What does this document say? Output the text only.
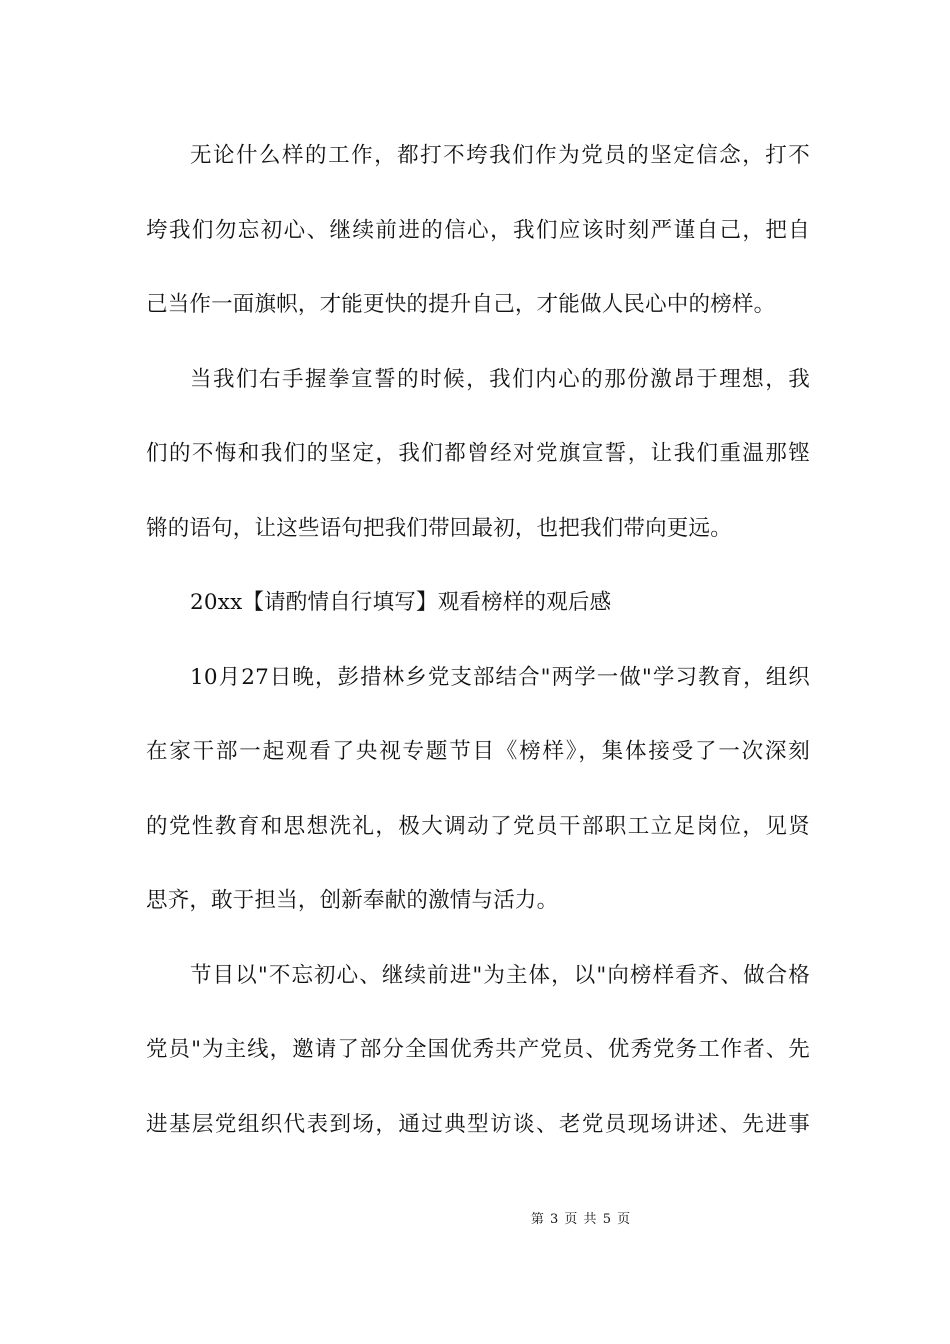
无论什么样的工作，都打不垮我们作为党员的坚定信念，打不
垮我们勿忘初心、继续前进的信心，我们应该时刻严谨自己，把自
己当作一面旗帜，才能更快的提升自己，才能做人民心中的榜样。
当我们右手握拳宣誓的时候，我们内心的那份激昂于理想，我
们的不悔和我们的坚定，我们都曾经对党旗宣誓，让我们重温那铿
锵的语句，让这些语句把我们带回最初，也把我们带向更远。
20xx【请酌情自行填写】观看榜样的观后感
10月27日晚，彭措林乡党支部结合"两学一做"学习教育，组织
在家干部一起观看了央视专题节目《榜样》，集体接受了一次深刻
的党性教育和思想洗礼，极大调动了党员干部职工立足岗位，见贤
思齐，敢于担当，创新奉献的激情与活力。
节目以"不忘初心、继续前进"为主体，以"向榜样看齐、做合格
党员"为主线，邀请了部分全国优秀共产党员、优秀党务工作者、先
进基层党组织代表到场，通过典型访谈、老党员现场讲述、先进事
第 3 页 共 5 页
